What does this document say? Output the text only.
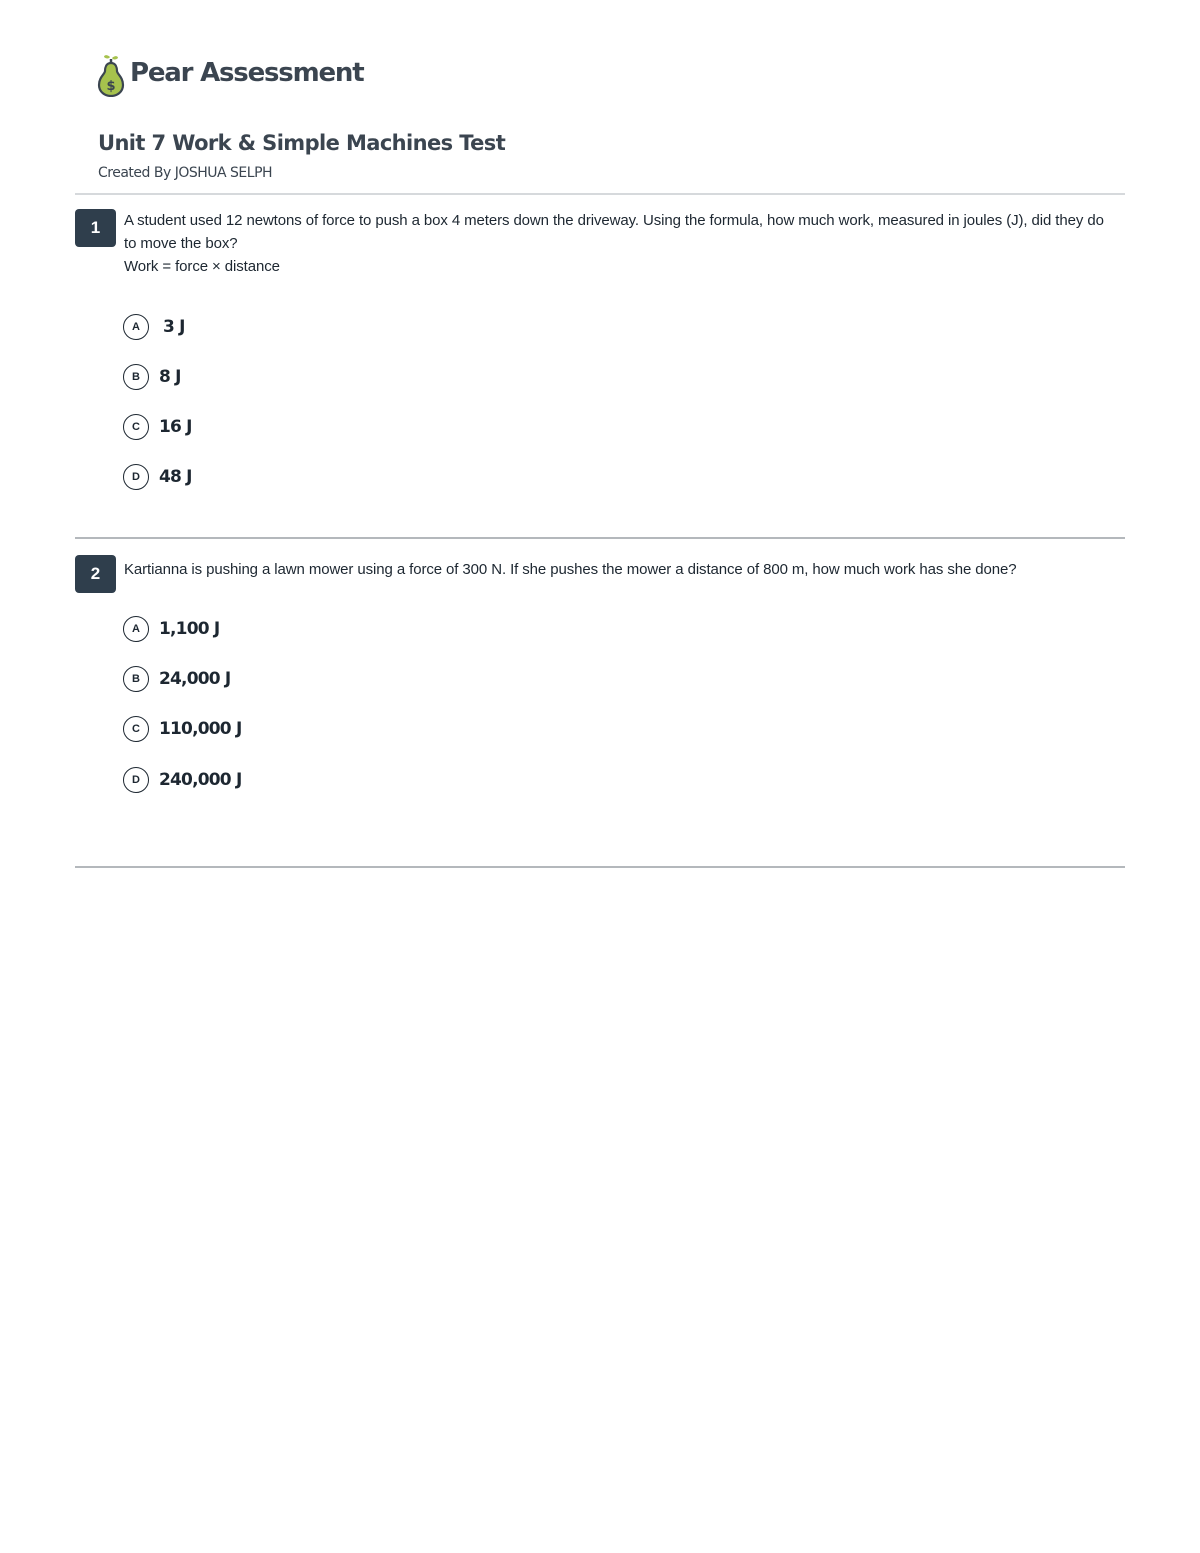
$ Pear Assessment
Unit 7 Work & Simple Machines Test
Created By JOSHUA SELPH
1	A student used 12 newtons of force to push a box 4 meters down the driveway. Using the formula, how much work, measured in joules (J), did they do to move the box?

Work = force × distance

A	3 J
B	8 J
C	16 J
D	48 J
2	Kartianna is pushing a lawn mower using a force of 300 N. If she pushes the mower a distance of 800 m, how much work has she done?

A	1,100 J
B	24,000 J
C	110,000 J
D	240,000 J
